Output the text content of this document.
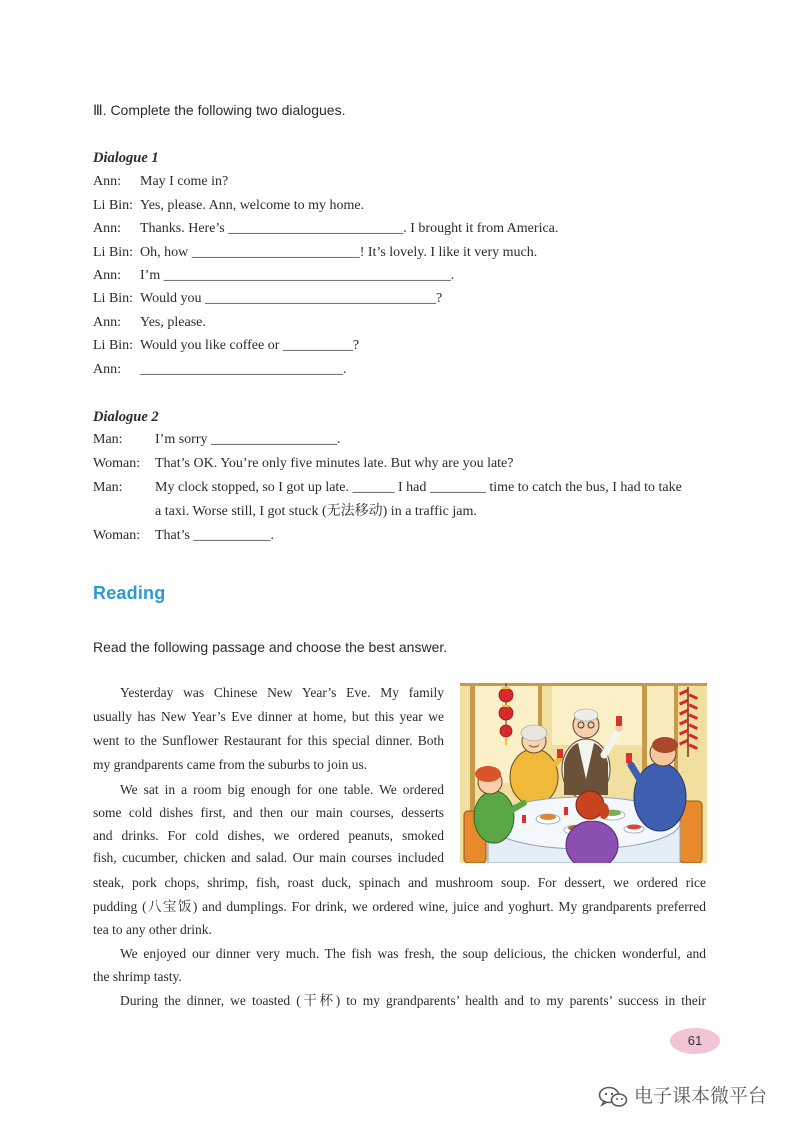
Ⅲ. Complete the following two dialogues.
Dialogue 1
Ann: May I come in?
Li Bin: Yes, please. Ann, welcome to my home.
Ann: Thanks. Here’s _________________________. I brought it from America.
Li Bin: Oh, how ________________________! It’s lovely. I like it very much.
Ann: I’m _________________________________________.
Li Bin: Would you _________________________________?
Ann: Yes, please.
Li Bin: Would you like coffee or __________?
Ann: _____________________________.
Dialogue 2
Man: I’m sorry __________________.
Woman: That’s OK. You’re only five minutes late. But why are you late?
Man: My clock stopped, so I got up late. ______ I had ________ time to catch the bus, I had to take
a taxi. Worse still, I got stuck (无法移动) in a traffic jam.
Woman: That’s ___________.
Reading
Read the following passage and choose the best answer.
Yesterday was Chinese New Year’s Eve. My family
usually has New Year’s Eve dinner at home, but this year we
went to the Sunflower Restaurant for this special dinner. Both
my grandparents came from the suburbs to join us.
We sat in a room big enough for one table. We ordered
some cold dishes first, and then our main courses, desserts
and drinks. For cold dishes, we ordered peanuts, smoked
fish, cucumber, chicken and salad. Our main courses included
steak, pork chops, shrimp, fish, roast duck, spinach and mushroom soup. For dessert, we ordered rice
pudding (八宝饭) and dumplings. For drink, we ordered wine, juice and yoghurt. My grandparents preferred
tea to any other drink.
We enjoyed our dinner very much. The fish was fresh, the soup delicious, the chicken wonderful, and
the shrimp tasty.
During the dinner, we toasted (干杯) to my grandparents’ health and to my parents’ success in their
61
电子课本微平台
